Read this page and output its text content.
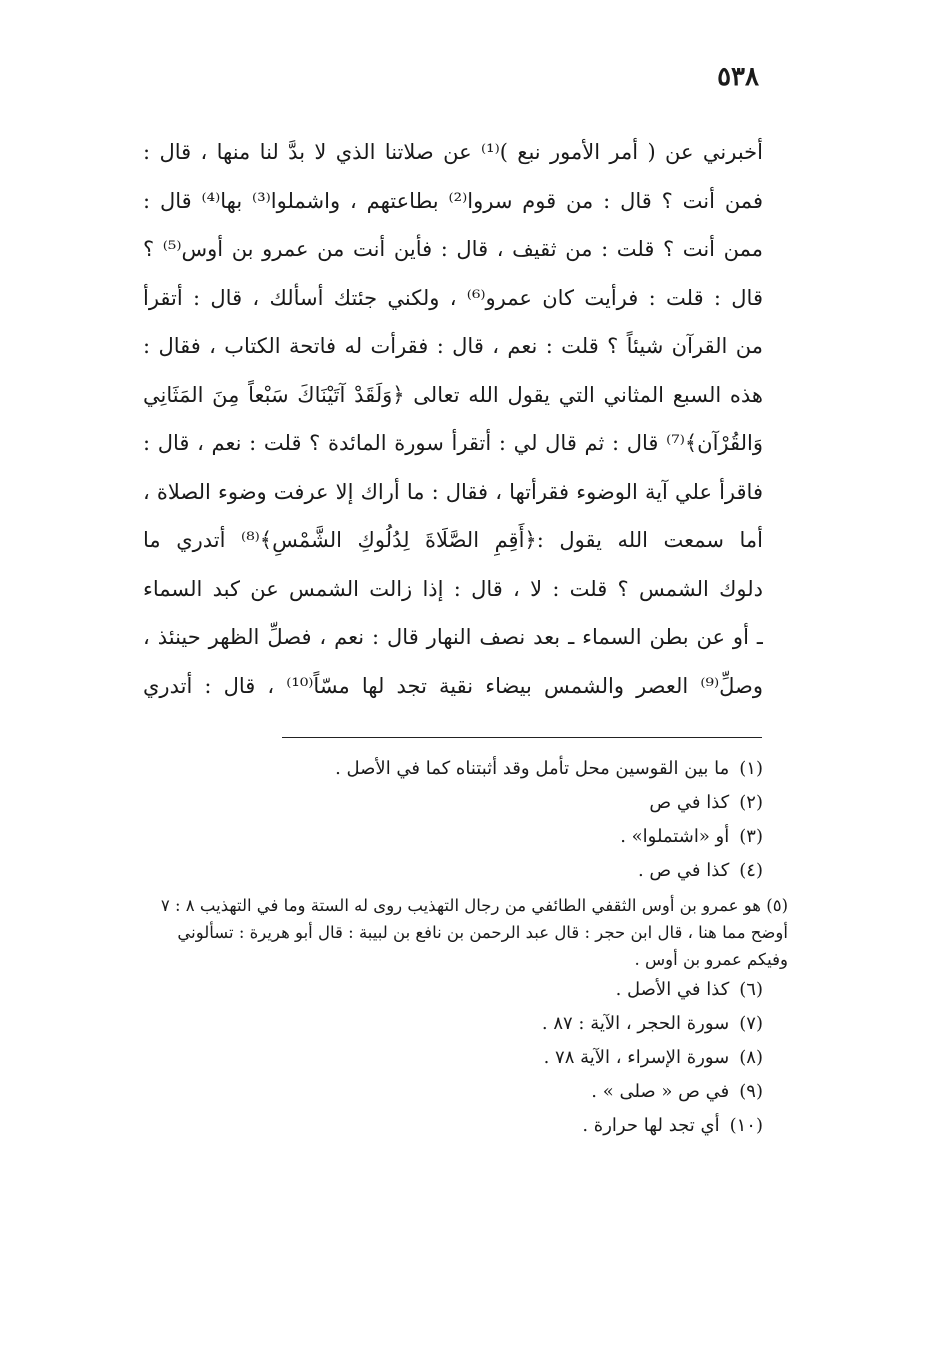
٥٣٨
أخبرني عن ( أمر الأمور نبع )⁽¹⁾ عن صلاتنا الذي لا بدَّ لنا منها ، قال :
فمن أنت ؟ قال : من قوم سروا⁽²⁾ بطاعتهم ، واشملوا⁽³⁾ بها⁽⁴⁾ قال :
ممن أنت ؟ قلت : من ثقيف ، قال : فأين أنت من عمرو بن أوس⁽⁵⁾ ؟
قال : قلت : فرأيت كان عمرو⁽⁶⁾ ، ولكني جئتك أسألك ، قال : أتقرأ
من القرآن شيئاً ؟ قلت : نعم ، قال : فقرأت له فاتحة الكتاب ، فقال :
هذه السبع المثاني التي يقول الله تعالى ﴿وَلَقَدْ آتَيْنَاكَ سَبْعاً مِنَ المَثَانِي
وَالقُرْآن﴾⁽⁷⁾ قال : ثم قال لي : أتقرأ سورة المائدة ؟ قلت : نعم ، قال :
فاقرأ علي آية الوضوء فقرأتها ، فقال : ما أراك إلا عرفت وضوء الصلاة ،
أما سمعت الله يقول :﴿أَقِمِ الصَّلَاةَ لِدُلُوكِ الشَّمْسِ﴾⁽⁸⁾ أتدري ما
دلوك الشمس ؟ قلت : لا ، قال : إذا زالت الشمس عن كبد السماء
ـ أو عن بطن السماء ـ بعد نصف النهار قال : نعم ، فصلِّ الظهر حينئذ ،
وصلِّ⁽⁹⁾ العصر والشمس بيضاء نقية تجد لها مسّاً⁽¹⁰⁾ ، قال : أتدري
(١)ما بين القوسين محل تأمل وقد أثبتناه كما في الأصل .
(٢)كذا في ص
(٣)أو «اشتملوا» .
(٤)كذا في ص .
(٥) هو عمرو بن أوس الثقفي الطائفي من رجال التهذيب روى له الستة وما في التهذيب ٨ : ٧
أوضح مما هنا ، قال ابن حجر : قال عبد الرحمن بن نافع بن لبيبة : قال أبو هريرة : تسألوني
وفيكم عمرو بن أوس .
(٦)كذا في الأصل .
(٧)سورة الحجر ، الآية : ٨٧ .
(٨)سورة الإسراء ، الآية ٧٨ .
(٩)في ص « صلى » .
(١٠)أي تجد لها حرارة .
